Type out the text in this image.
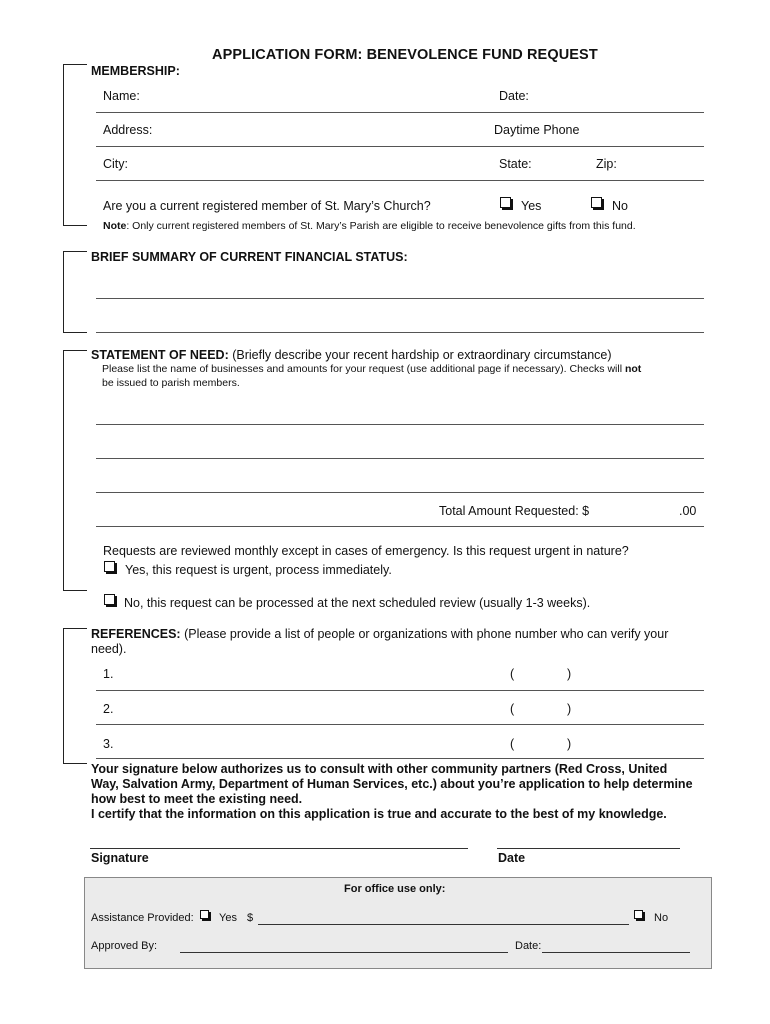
APPLICATION FORM: BENEVOLENCE FUND REQUEST
MEMBERSHIP:
Name:	Date:
Address:	Daytime Phone
City:	State:	Zip:
Are you a current registered member of St. Mary’s Church?	Yes	No
Note: Only current registered members of St. Mary’s Parish are eligible to receive benevolence gifts from this fund.
BRIEF SUMMARY OF CURRENT FINANCIAL STATUS:
STATEMENT OF NEED: (Briefly describe your recent hardship or extraordinary circumstance)
Please list the name of businesses and amounts for your request (use additional page if necessary). Checks will not
be issued to parish members.
Total Amount Requested: $	.00
Requests are reviewed monthly except in cases of emergency. Is this request urgent in nature?
Yes, this request is urgent, process immediately.
No, this request can be processed at the next scheduled review (usually 1-3 weeks).
REFERENCES: (Please provide a list of people or organizations with phone number who can verify your
need).
1.	(	)
2.	(	)
3.	(	)
Your signature below authorizes us to consult with other community partners (Red Cross, United
Way, Salvation Army, Department of Human Services, etc.) about you’re application to help determine
how best to meet the existing need.
I certify that the information on this application is true and accurate to the best of my knowledge.
Signature	Date
For office use only:
Assistance Provided: Yes $	No
Approved By:	Date:
